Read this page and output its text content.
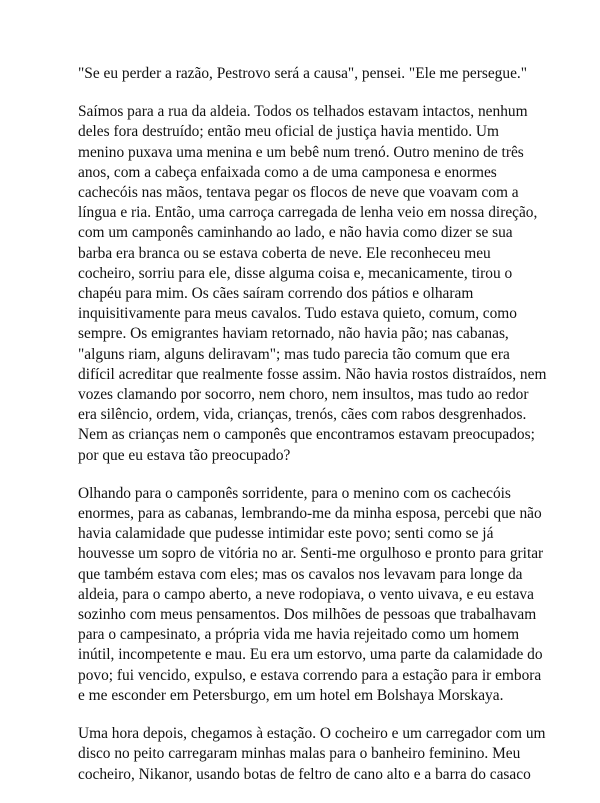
"Se eu perder a razão, Pestrovo será a causa", pensei. "Ele me persegue."

Saímos para a rua da aldeia. Todos os telhados estavam intactos, nenhum
deles fora destruído; então meu oficial de justiça havia mentido. Um
menino puxava uma menina e um bebê num trenó. Outro menino de três
anos, com a cabeça enfaixada como a de uma camponesa e enormes
cachecóis nas mãos, tentava pegar os flocos de neve que voavam com a
língua e ria. Então, uma carroça carregada de lenha veio em nossa direção,
com um camponês caminhando ao lado, e não havia como dizer se sua
barba era branca ou se estava coberta de neve. Ele reconheceu meu
cocheiro, sorriu para ele, disse alguma coisa e, mecanicamente, tirou o
chapéu para mim. Os cães saíram correndo dos pátios e olharam
inquisitivamente para meus cavalos. Tudo estava quieto, comum, como
sempre. Os emigrantes haviam retornado, não havia pão; nas cabanas,
"alguns riam, alguns deliravam"; mas tudo parecia tão comum que era
difícil acreditar que realmente fosse assim. Não havia rostos distraídos, nem
vozes clamando por socorro, nem choro, nem insultos, mas tudo ao redor
era silêncio, ordem, vida, crianças, trenós, cães com rabos desgrenhados.
Nem as crianças nem o camponês que encontramos estavam preocupados;
por que eu estava tão preocupado?

Olhando para o camponês sorridente, para o menino com os cachecóis
enormes, para as cabanas, lembrando-me da minha esposa, percebi que não
havia calamidade que pudesse intimidar este povo; senti como se já
houvesse um sopro de vitória no ar. Senti-me orgulhoso e pronto para gritar
que também estava com eles; mas os cavalos nos levavam para longe da
aldeia, para o campo aberto, a neve rodopiava, o vento uivava, e eu estava
sozinho com meus pensamentos. Dos milhões de pessoas que trabalhavam
para o campesinato, a própria vida me havia rejeitado como um homem
inútil, incompetente e mau. Eu era um estorvo, uma parte da calamidade do
povo; fui vencido, expulso, e estava correndo para a estação para ir embora
e me esconder em Petersburgo, em um hotel em Bolshaya Morskaya.

Uma hora depois, chegamos à estação. O cocheiro e um carregador com um
disco no peito carregaram minhas malas para o banheiro feminino. Meu
cocheiro, Nikanor, usando botas de feltro de cano alto e a barra do casaco
